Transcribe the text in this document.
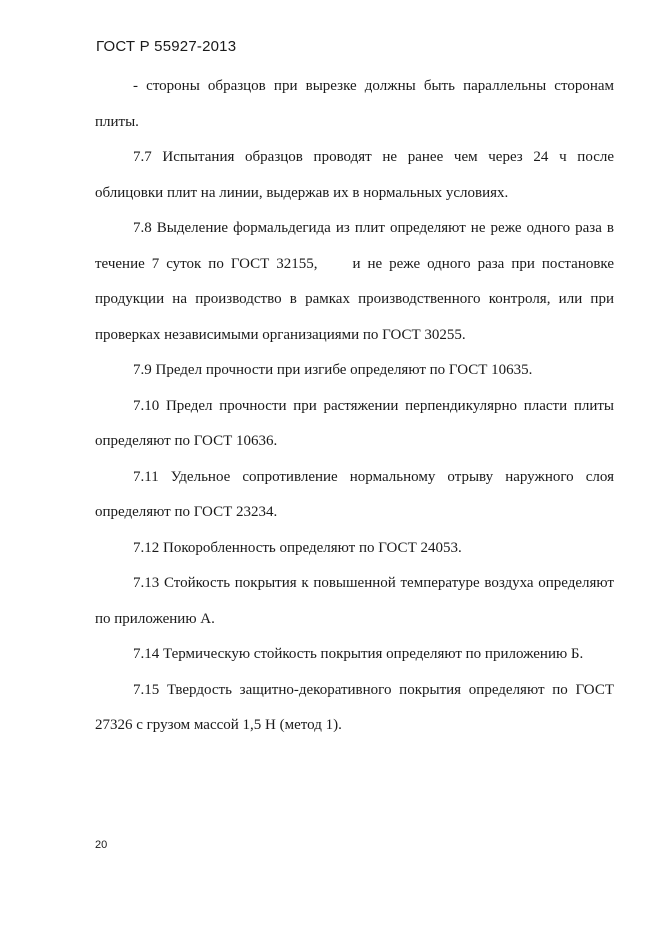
ГОСТ Р 55927-2013

- стороны образцов при вырезке должны быть параллельны сторонам плиты.

7.7 Испытания образцов проводят не ранее чем через 24 ч после облицовки плит на линии, выдержав их в нормальных условиях.

7.8 Выделение формальдегида из плит определяют не реже одного раза в течение 7 суток по ГОСТ 32155,     и не реже одного раза при постановке продукции на производство в рамках производственного контроля, или при проверках независимыми организациями по ГОСТ 30255.

7.9 Предел прочности при изгибе определяют по ГОСТ 10635.

7.10 Предел прочности при растяжении перпендикулярно пласти плиты определяют по ГОСТ 10636.

7.11 Удельное сопротивление нормальному отрыву наружного слоя определяют по ГОСТ 23234.

7.12 Покоробленность определяют по ГОСТ 24053.

7.13 Стойкость покрытия к повышенной температуре воздуха определяют по приложению А.

7.14 Термическую стойкость покрытия определяют по приложению Б.

7.15 Твердость защитно-декоративного покрытия определяют по ГОСТ 27326 с грузом массой 1,5 Н (метод 1).

20
